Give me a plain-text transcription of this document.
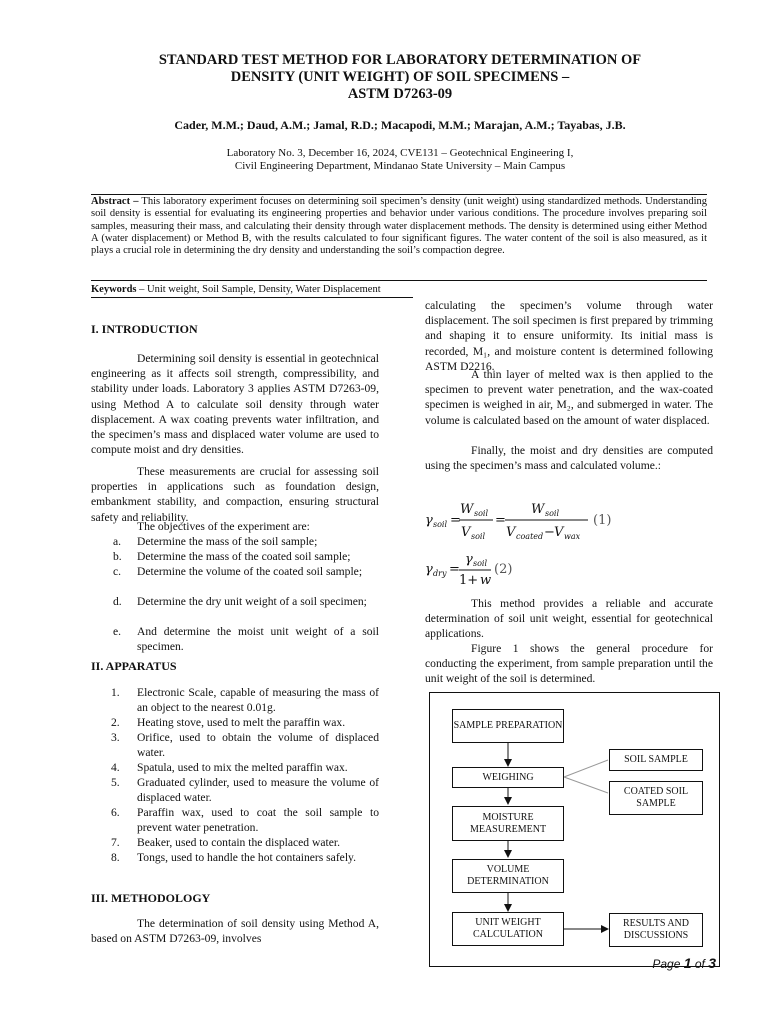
STANDARD TEST METHOD FOR LABORATORY DETERMINATION OF
DENSITY (UNIT WEIGHT) OF SOIL SPECIMENS –
ASTM D7263-09
Cader, M.M.; Daud, A.M.; Jamal, R.D.; Macapodi, M.M.; Marajan, A.M.; Tayabas, J.B.
Laboratory No. 3, December 16, 2024, CVE131 – Geotechnical Engineering I,
Civil Engineering Department, Mindanao State University – Main Campus
Abstract – This laboratory experiment focuses on determining soil specimen’s density (unit weight) using standardized methods. Understanding soil density is essential for evaluating its engineering properties and behavior under various conditions. The procedure involves preparing soil samples, measuring their mass, and calculating their density through water displacement methods. The density is determined using either Method A (water displacement) or Method B, with the results calculated to four significant figures. The water content of the soil is also measured, as it plays a crucial role in determining the dry density and understanding the soil’s compaction degree.
Keywords – Unit weight, Soil Sample, Density, Water Displacement
I. INTRODUCTION
Determining soil density is essential in geotechnical engineering as it affects soil strength, compressibility, and stability under loads. Laboratory 3 applies ASTM D7263-09, using Method A to calculate soil density through water displacement. A wax coating prevents water infiltration, and the specimen’s mass and displaced water volume are used to compute moist and dry densities.
These measurements are crucial for assessing soil properties in applications such as foundation design, embankment stability, and compaction, ensuring structural safety and reliability.
The objectives of the experiment are:
a. Determine the mass of the soil sample;
b. Determine the mass of the coated soil sample;
c. Determine the volume of the coated soil sample;
d. Determine the dry unit weight of a soil specimen;
e. And determine the moist unit weight of a soil specimen.
II. APPARATUS
1. Electronic Scale, capable of measuring the mass of an object to the nearest 0.01g.
2. Heating stove, used to melt the paraffin wax.
3. Orifice, used to obtain the volume of displaced water.
4. Spatula, used to mix the melted paraffin wax.
5. Graduated cylinder, used to measure the volume of displaced water.
6. Paraffin wax, used to coat the soil sample to prevent water penetration.
7. Beaker, used to contain the displaced water.
8. Tongs, used to handle the hot containers safely.
III. METHODOLOGY
The determination of soil density using Method A, based on ASTM D7263-09, involves
calculating the specimen’s volume through water displacement. The soil specimen is first prepared by trimming and shaping it to ensure uniformity. Its initial mass is recorded, M₁, and moisture content is determined following ASTM D2216.
A thin layer of melted wax is then applied to the specimen to prevent water penetration, and the wax-coated specimen is weighed in air, M₂, and submerged in water. The volume is calculated based on the amount of water displaced.
Finally, the moist and dry densities are computed using the specimen’s mass and calculated volume.:
γ soil =
W soil
V soil
=
W soil
V coated − V wax
(1)
γ dry =
γ soil
1+ w
(2)
This method provides a reliable and accurate determination of soil unit weight, essential for geotechnical applications.
Figure 1 shows the general procedure for conducting the experiment, from sample preparation until the unit weight of the soil is determined.
SAMPLE PREPARATION
WEIGHING
MOISTURE MEASUREMENT
VOLUME DETERMINATION
UNIT WEIGHT CALCULATION
SOIL SAMPLE
COATED SOIL SAMPLE
RESULTS AND DISCUSSIONS
Page 1 of 3
